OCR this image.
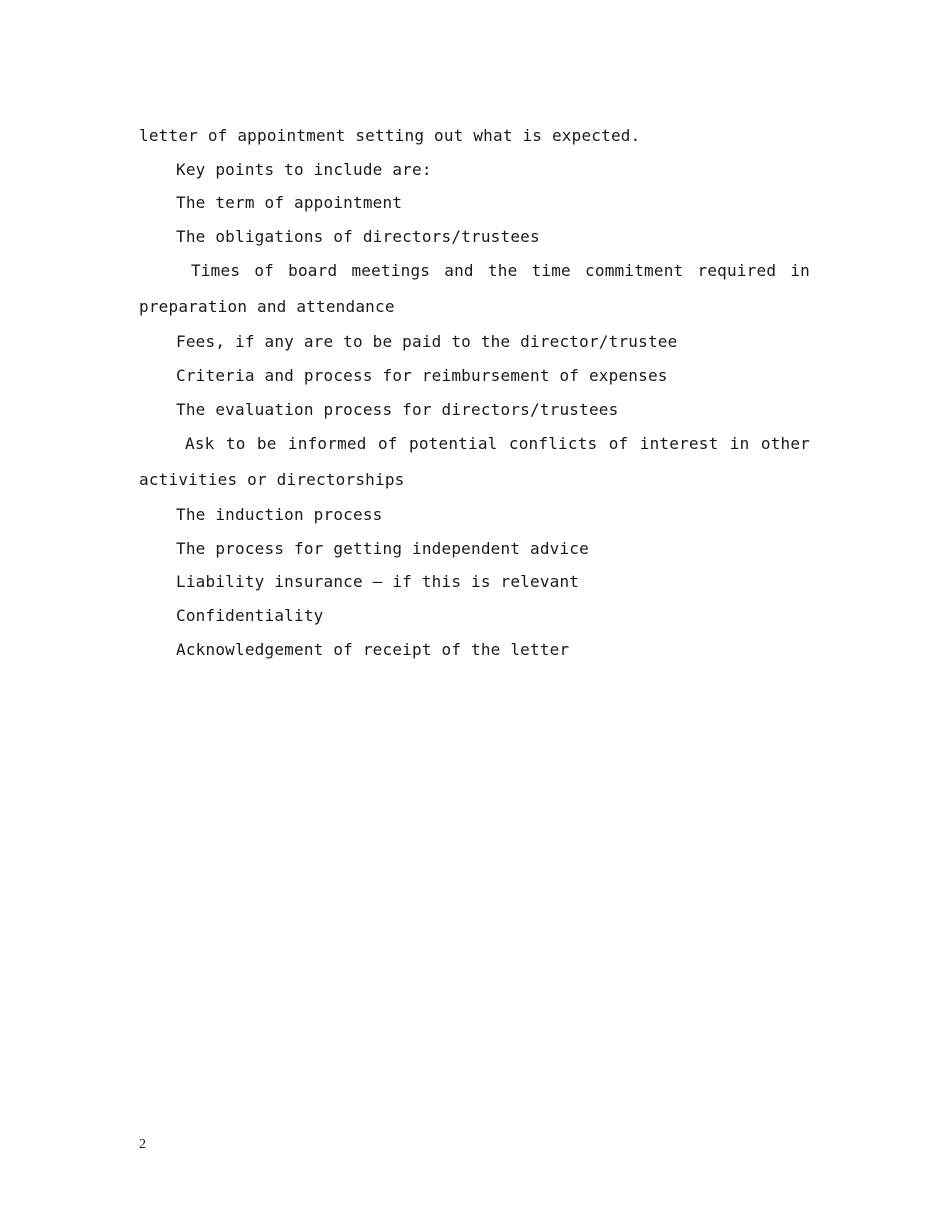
letter of appointment setting out what is expected.
Key points to include are:
The term of appointment
The obligations of directors/trustees
Times of board meetings and the time commitment required in
preparation and attendance
Fees, if any are to be paid to the director/trustee
Criteria and process for reimbursement of expenses
The evaluation process for directors/trustees
Ask to be informed of potential conflicts of interest in other
activities or directorships
The induction process
The process for getting independent advice
Liability insurance — if this is relevant
Confidentiality
Acknowledgement of receipt of the letter
2
